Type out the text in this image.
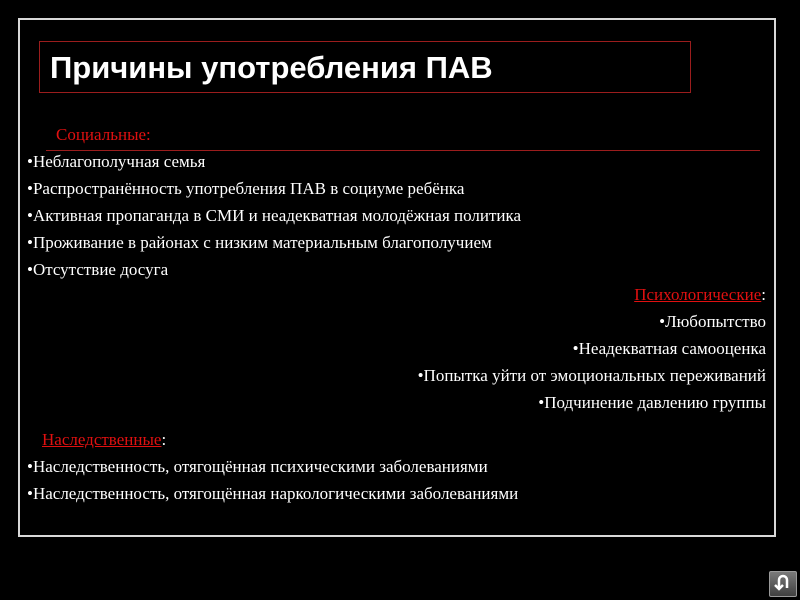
Причины употребления ПАВ
Социальные:
•Неблагополучная семья
•Распространённость употребления ПАВ в социуме ребёнка
•Активная пропаганда в СМИ и неадекватная молодёжная политика
•Проживание в районах с низким материальным благополучием
•Отсутствие досуга
Психологические:
•Любопытство
•Неадекватная самооценка
•Попытка уйти от эмоциональных переживаний
•Подчинение давлению группы
Наследственные:
•Наследственность, отягощённая психическими заболеваниями
•Наследственность, отягощённая наркологическими заболеваниями
